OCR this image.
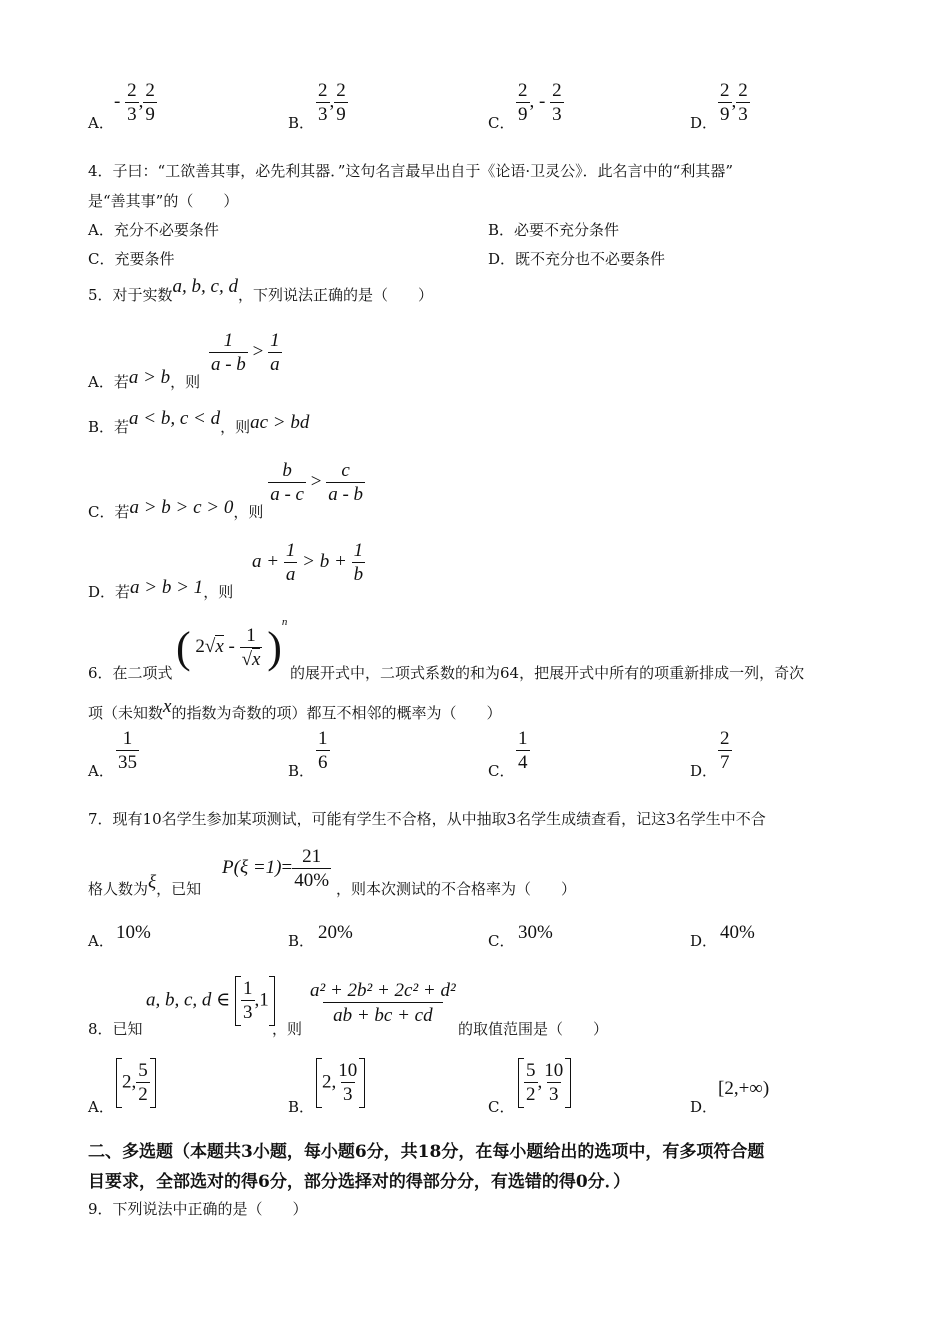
A．
- $\frac{2}{3}$ , $\frac{2}{9}$	B． $\frac{2}{3}$ , $\frac{2}{9}$	C． $\frac{2}{9}$ , - $\frac{2}{3}$	D． $\frac{2}{9}$ , $\frac{2}{3}$
4．子曰：“工欲善其事，必先利其器．”这句名言最早出自于《论语·卫灵公》．此名言中的“利其器”
是“善其事”的（　　）
A．充分不必要条件	B．必要不充分条件
C．充要条件	D．既不充分也不必要条件
5．对于实数a, b, c, d，下列说法正确的是（　　）
A．若a > b，则
$\frac{1}{a - b} > \frac{1}{a}$
B．若a < b, c < d，则ac > bd
C．若a > b > c > 0，则
$\frac{b}{a - c} > \frac{c}{a - b}$
D．若a > b > 1，则 $a + \frac{1}{a} > b + \frac{1}{b}$
6．在二项式
( $2√x - \frac{1}{√x} )^n$
的展开式中，二项式系数的和为64，把展开式中所有的项重新排成一列，奇次
项（未知数x的指数为奇数的项）都互不相邻的概率为（　　）
A． $\frac{1}{35}$	B． $\frac{1}{6}$	C． $\frac{1}{4}$	D． $\frac{2}{7}$
7．现有10名学生参加某项测试，可能有学生不合格，从中抽取3名学生成绩查看，记这3名学生中不合
格人数为ξ，已知
$P(\xi =1)= \frac{21}{40\%}$ ，则本次测试的不合格率为（　　）
A． 10%	B． 20%	C． 30%	D． 40%
8．已知
a, b, c, d ∈ $\frac{1}{3} ,1$
，则
$\frac{\text{a² + 2b² + 2c² + d²}}{ab + bc + cd}$
的取值范围是（　　）
A．
2, $\frac{5}{2}$
B．
2, $\frac{10}{3}$
C．
$\frac{5}{2}$ , $\frac{10}{3}$
D．
[2,+∞)
二、多选题（本题共3小题，每小题6分，共18分，在每小题给出的选项中，有多项符合题
目要求，全部选对的得6分，部分选择对的得部分分，有选错的得0分．）
9．下列说法中正确的是（　　）
